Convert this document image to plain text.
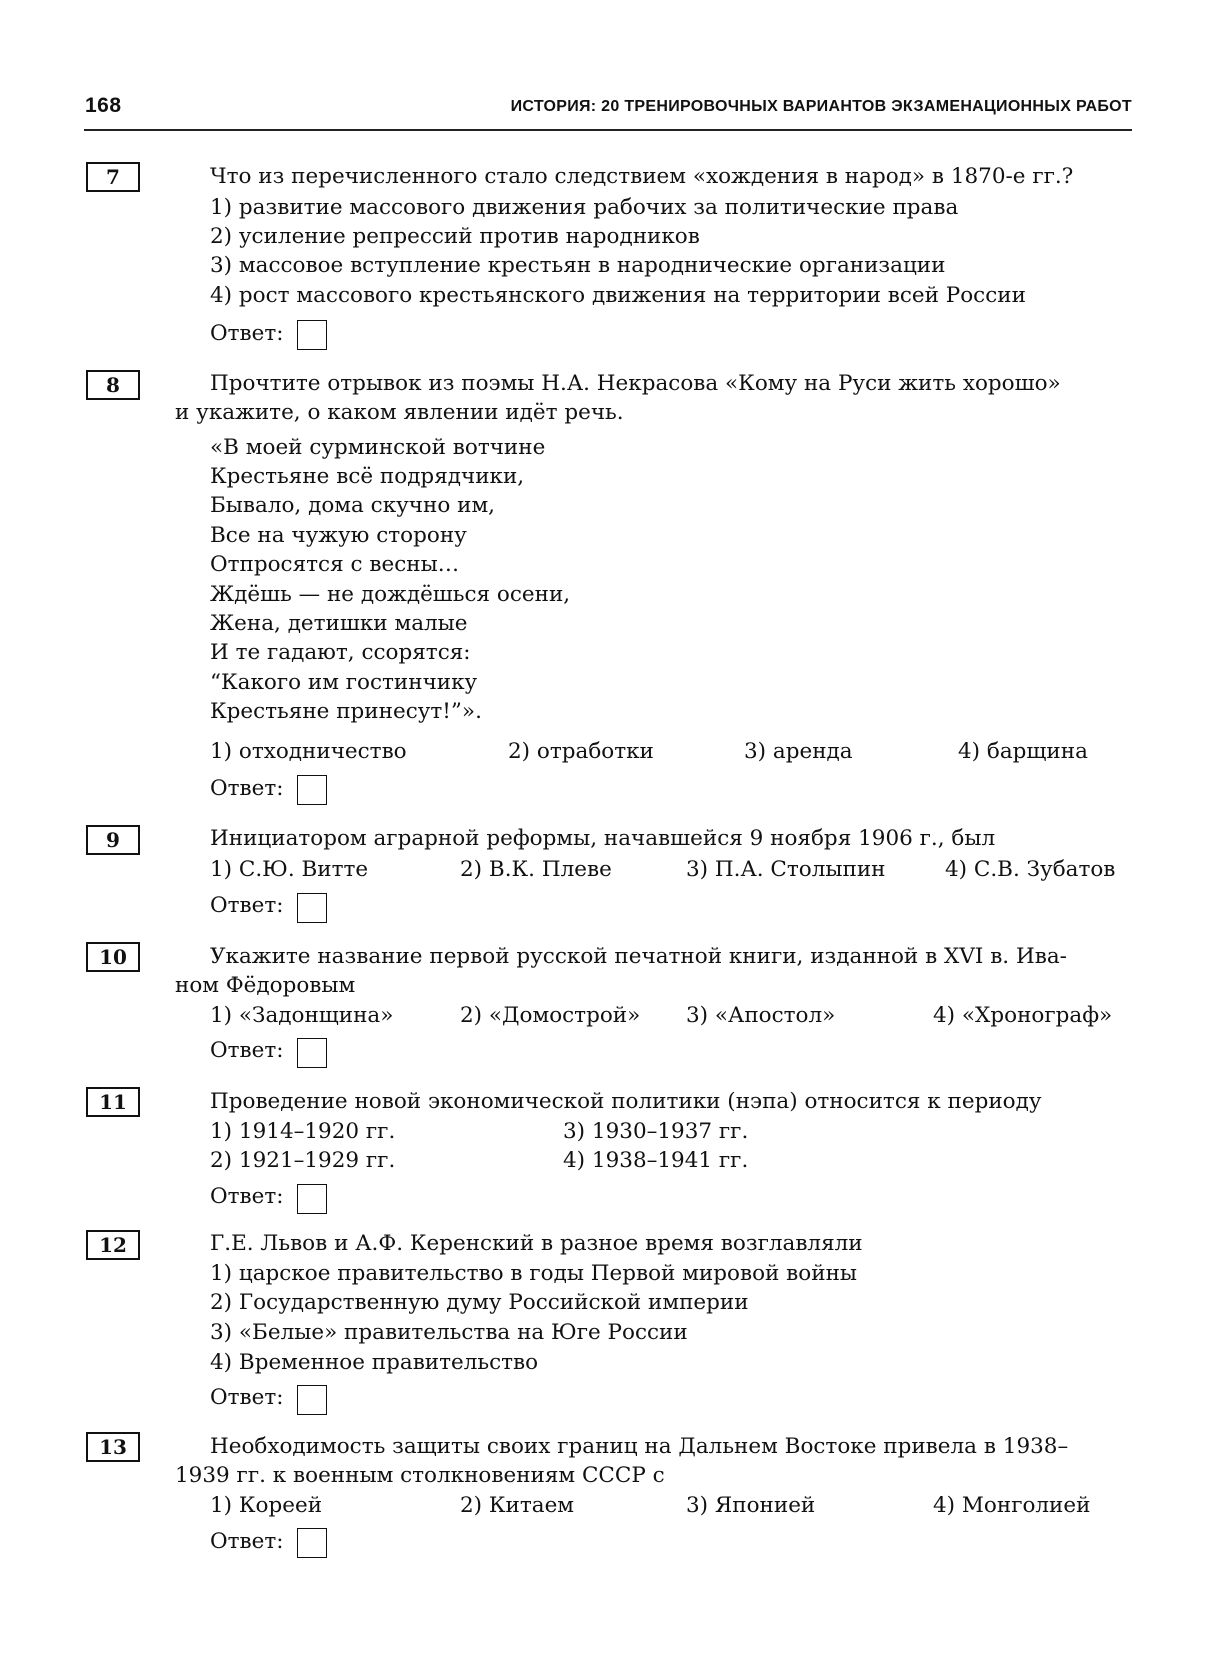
168	ИСТОРИЯ: 20 ТРЕНИРОВОЧНЫХ ВАРИАНТОВ ЭКЗАМЕНАЦИОННЫХ РАБОТ
7	Что из перечисленного стало следствием «хождения в народ» в 1870-е гг.?
1) развитие массового движения рабочих за политические права
2) усиление репрессий против народников
3) массовое вступление крестьян в народнические организации
4) рост массового крестьянского движения на территории всей России
Ответ:
8	Прочтите отрывок из поэмы Н.А. Некрасова «Кому на Руси жить хорошо»
и укажите, о каком явлении идёт речь.
«В моей сурминской вотчине
Крестьяне всё подрядчики,
Бывало, дома скучно им,
Все на чужую сторону
Отпросятся с весны…
Ждёшь — не дождёшься осени,
Жена, детишки малые
И те гадают, ссорятся:
“Какого им гостинчику
Крестьяне принесут!”».
1) отходничество	2) отработки	3) аренда	4) барщина
Ответ:
9	Инициатором аграрной реформы, начавшейся 9 ноября 1906 г., был
1) С.Ю. Витте	2) В.К. Плеве	3) П.А. Столыпин	4) С.В. Зубатов
Ответ:
10	Укажите название первой русской печатной книги, изданной в XVI в. Ива-
ном Фёдоровым
1) «Задонщина»	2) «Домострой» 3) «Апостол»	4) «Хронограф»
Ответ:
11	Проведение новой экономической политики (нэпа) относится к периоду
1) 1914–1920 гг.	3) 1930–1937 гг.
2) 1921–1929 гг.	4) 1938–1941 гг.
Ответ:
12	Г.Е. Львов и А.Ф. Керенский в разное время возглавляли
1) царское правительство в годы Первой мировой войны
2) Государственную думу Российской империи
3) «Белые» правительства на Юге России
4) Временное правительство
Ответ:
13	Необходимость защиты своих границ на Дальнем Востоке привела в 1938–
1939 гг. к военным столкновениям СССР с
1) Кореей	2) Китаем	3) Японией	4) Монголией
Ответ:
